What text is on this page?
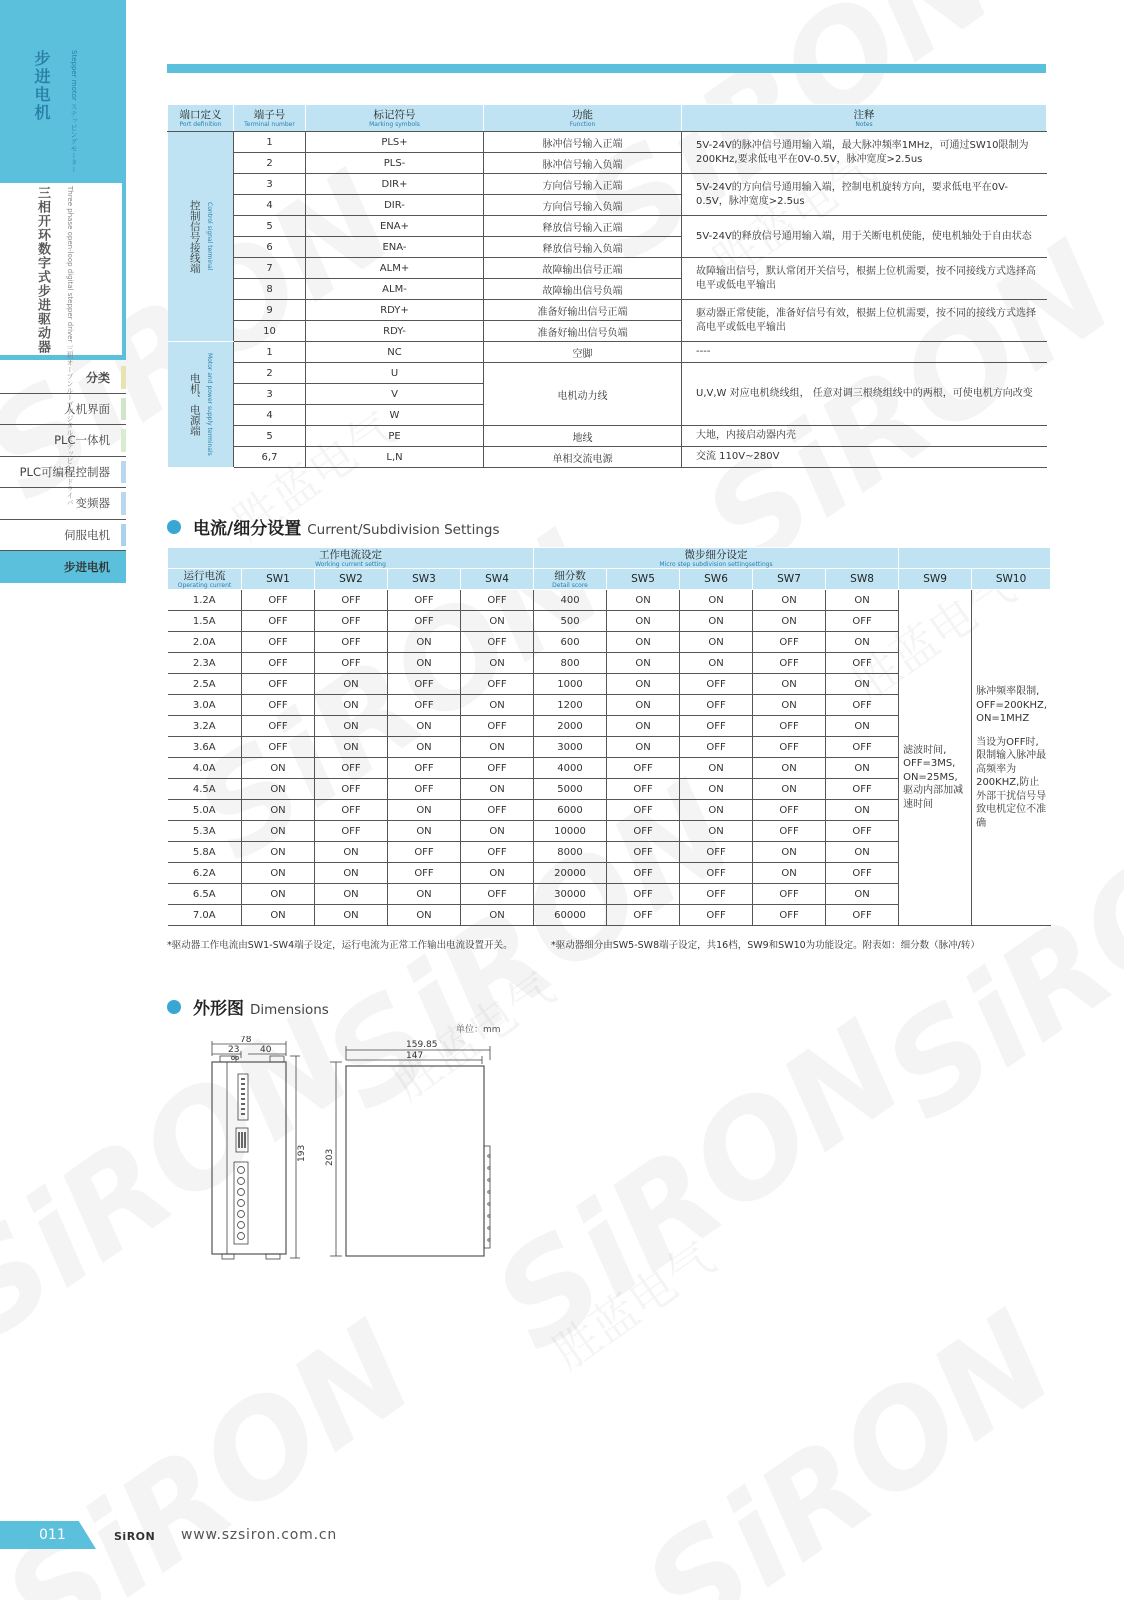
步进电机	Stepper motor ステッピングモーター
三相开环数字式步进驱动器 Three phase open-loop digital stepper driver 三相オープンループデジタルステッピングドライバ 分类
人机界面
PLC一体机
PLC可编程控制器
变频器
伺服电机
步进电机
端口定义
Port definition	端子号
Terminal number	标记符号
Marking symbols	功能
Function	注释
Notes

控制信号接线端 Control signal terminal	1	PLS+	脉冲信号输入正端	5V-24V的脉冲信号通用输入端，最大脉冲频率1MHz，可通过SW10限制为200KHz,要求低电平在0V-0.5V，脉冲宽度>2.5us
	2	PLS-	脉冲信号输入负端	
	3	DIR+	方向信号输入正端	5V-24V的方向信号通用输入端，控制电机旋转方向，要求低电平在0V-0.5V，脉冲宽度>2.5us
	4	DIR-	方向信号输入负端	
	5	ENA+	释放信号输入正端	5V-24V的释放信号通用输入端，用于关断电机使能，使电机轴处于自由状态
	6	ENA-	释放信号输入负端	
	7	ALM+	故障输出信号正端	故障输出信号，默认常闭开关信号，根据上位机需要，按不同接线方式选择高电平或低电平输出
	8	ALM-	故障输出信号负端	
	9	RDY+	准备好输出信号正端	驱动器正常使能，准备好信号有效，根据上位机需要，按不同的接线方式选择高电平或低电平输出
	10	RDY-	准备好输出信号负端	

电机、电源端 Motor and power supply terminals	1	NC	空脚	----
	2	U	电机动力线	U,V,W 对应电机绕线组， 任意对调三根绕组线中的两根，可使电机方向改变
	3	V		
	4	W		
	5	PE	地线	大地，内接启动器内壳
	6,7	L,N	单相交流电源	交流 110V~280V
电流/细分设置 Current/Subdivision Settings
工作电流设定
Working current setting					微步细分设定
Micro step subdivision settingsettings						

运行电流
Operating current	SW1	SW2	SW3	SW4	细分数
Detail score	SW5	SW6	SW7	SW8	SW9	SW10

1.2A	OFF	OFF	OFF	OFF	400	ON	ON	ON	ON	滤波时间, OFF=3MS, ON=25MS, 驱动内部加减速时间	脉冲频率限制, OFF=200KHZ, ON=1MHZ
当设为OFF时,限制输入脉冲最高频率为200KHZ,防止外部干扰信号导致电机定位不准确

1.5A	OFF	OFF	OFF	ON	500	ON	ON	ON	OFF		
2.0A	OFF	OFF	ON	OFF	600	ON	ON	OFF	ON		
2.3A	OFF	OFF	ON	ON	800	ON	ON	OFF	OFF		
2.5A	OFF	ON	OFF	OFF	1000	ON	OFF	ON	ON		
3.0A	OFF	ON	OFF	ON	1200	ON	OFF	ON	OFF		
3.2A	OFF	ON	ON	OFF	2000	ON	OFF	OFF	ON		
3.6A	OFF	ON	ON	ON	3000	ON	OFF	OFF	OFF		
4.0A	ON	OFF	OFF	OFF	4000	OFF	ON	ON	ON		
4.5A	ON	OFF	OFF	ON	5000	OFF	ON	ON	OFF		
5.0A	ON	OFF	ON	OFF	6000	OFF	ON	OFF	ON		
5.3A	ON	OFF	ON	ON	10000	OFF	ON	OFF	OFF		
5.8A	ON	ON	OFF	OFF	8000	OFF	OFF	ON	ON		
6.2A	ON	ON	OFF	ON	20000	OFF	OFF	ON	OFF		
6.5A	ON	ON	ON	OFF	30000	OFF	OFF	OFF	ON		
7.0A	ON	ON	ON	ON	60000	OFF	OFF	OFF	OFF		
*驱动器工作电流由SW1-SW4端子设定，运行电流为正常工作输出电流设置开关。	*驱动器细分由SW5-SW8端子设定，共16档，SW9和SW10为功能设定。附表如：细分数（脉冲/转）
外形图 Dimensions
单位：mm
78
23 40
193
159.85
147
203
011	SiRON www.szsiron.com.cn
